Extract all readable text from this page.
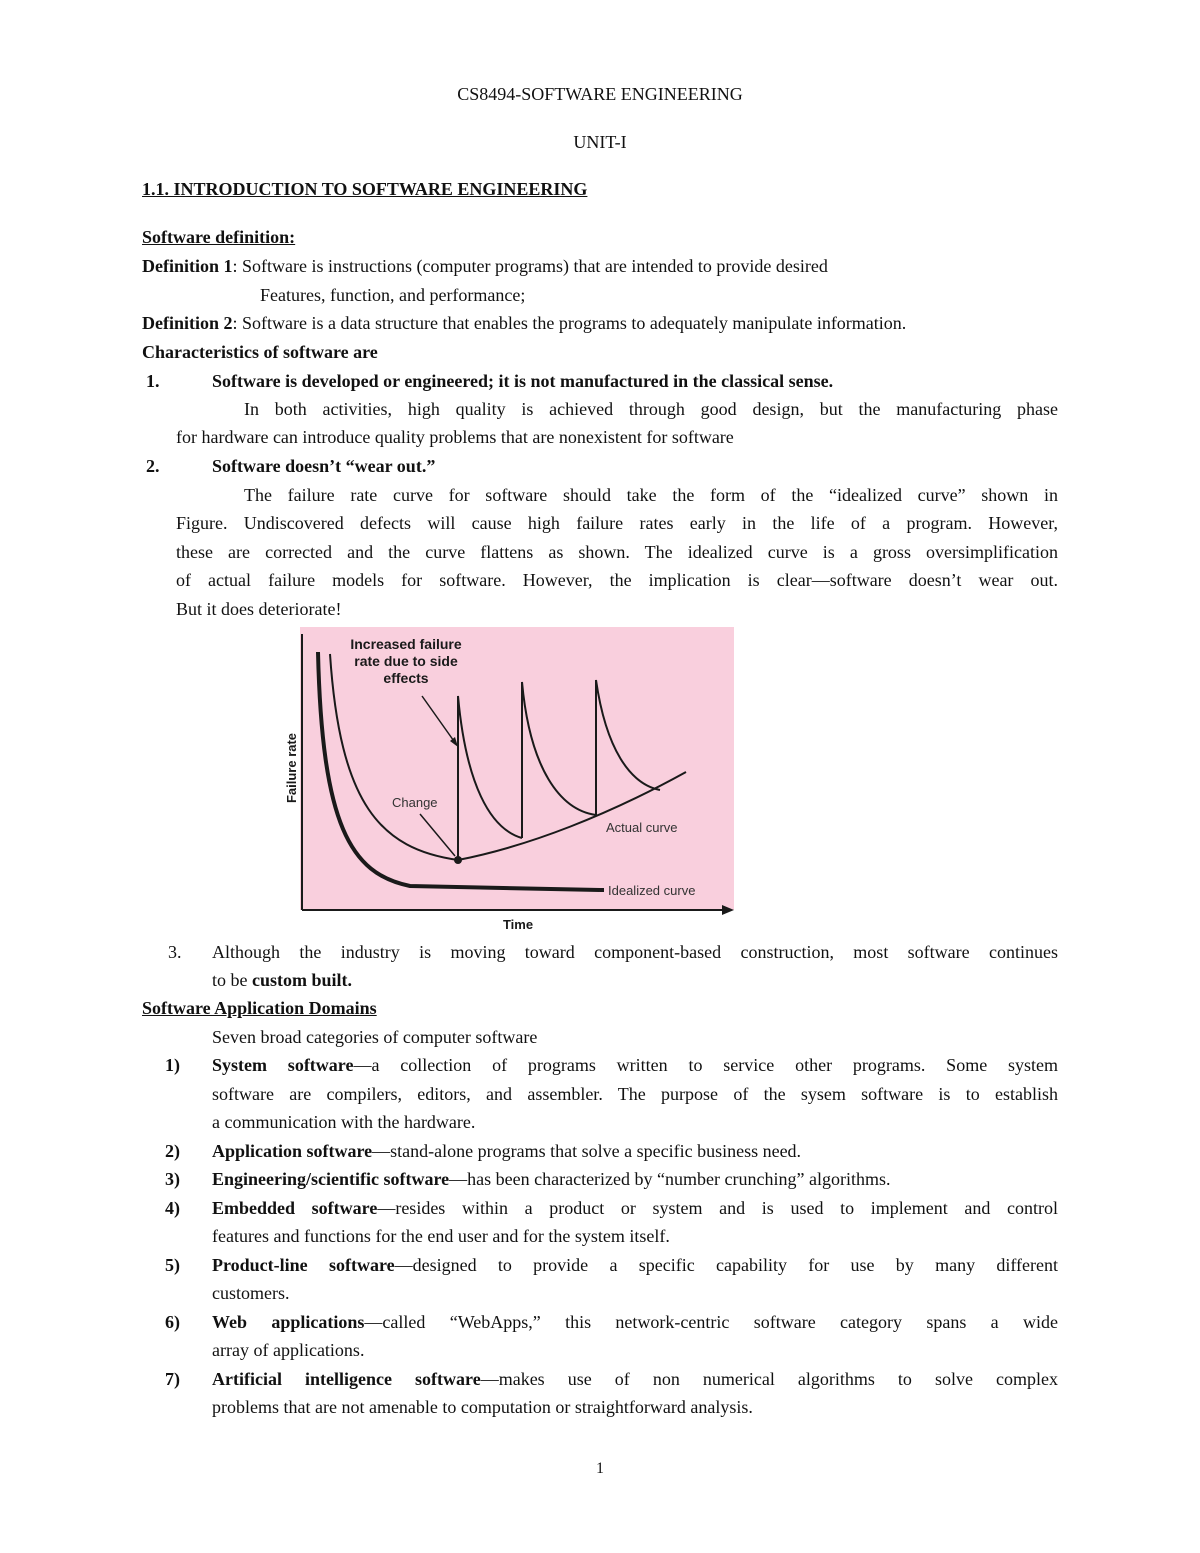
CS8494-SOFTWARE ENGINEERING
UNIT-I
1.1. INTRODUCTION TO SOFTWARE ENGINEERING
Software definition:
Definition 1: Software is instructions (computer programs) that are intended to provide desired
Features, function, and performance;
Definition 2: Software is a data structure that enables the programs to adequately manipulate information.
Characteristics of software are
1.	Software is developed or engineered; it is not manufactured in the classical sense.
In both activities, high quality is achieved through good design, but the manufacturing phase
for hardware can introduce quality problems that are nonexistent for software
2.	Software doesn’t “wear out.”
The failure rate curve for software should take the form of the “idealized curve” shown in
Figure. Undiscovered defects will cause high failure rates early in the life of a program. However,
these are corrected and the curve flattens as shown. The idealized curve is a gross oversimplification
of actual failure models for software. However, the implication is clear—software doesn’t wear out.
But it does deteriorate!
Increased failure
rate due to side
effects
Change
Actual curve
Idealized curve
Time
Failure rate
3.	Although the industry is moving toward component-based construction, most software continues
to be custom built.
Software Application Domains
Seven broad categories of computer software
1)	System software—a collection of programs written to service other programs. Some system
software are compilers, editors, and assembler. The purpose of the sysem software is to establish
a communication with the hardware.
2)	Application software—stand-alone programs that solve a specific business need.
3)	Engineering/scientific software—has been characterized by “number crunching” algorithms.
4)	Embedded software—resides within a product or system and is used to implement and control
features and functions for the end user and for the system itself.
5)	Product-line software—designed to provide a specific capability for use by many different
customers.
6)	Web applications—called “WebApps,” this network-centric software category spans a wide
array of applications.
7)	Artificial intelligence software—makes use of non numerical algorithms to solve complex
problems that are not amenable to computation or straightforward analysis.
1
